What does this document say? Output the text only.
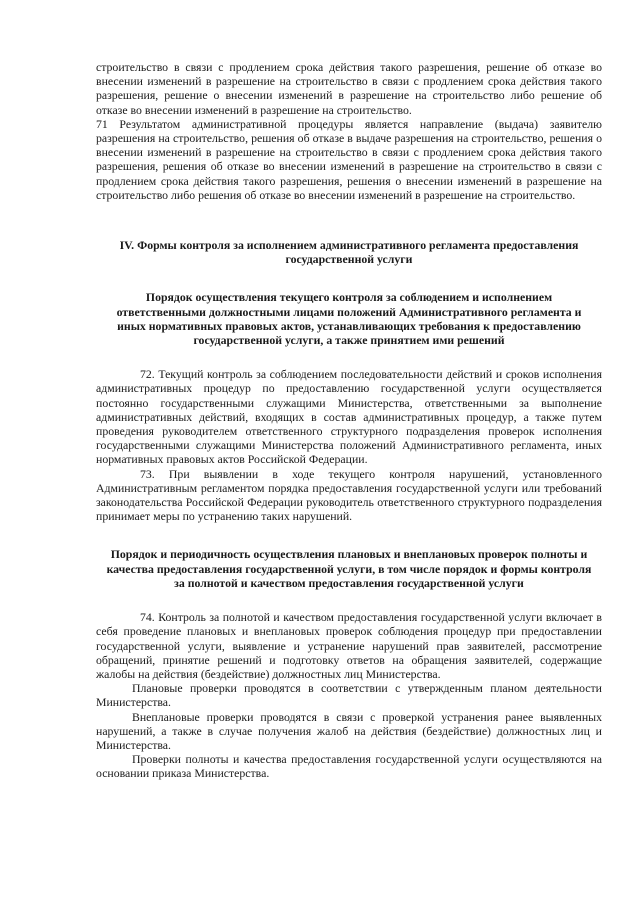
строительство в связи с продлением срока действия такого разрешения, решение об отказе во внесении изменений в разрешение на строительство в связи с продлением срока действия такого разрешения, решение о внесении изменений в разрешение на строительство либо решение об отказе во внесении изменений в разрешение на строительство.

71 Результатом административной процедуры является направление (выдача) заявителю разрешения на строительство, решения об отказе в выдаче разрешения на строительство, решения о внесении изменений в разрешение на строительство в связи с продлением срока действия такого разрешения, решения об отказе во внесении изменений в разрешение на строительство в связи с продлением срока действия такого разрешения, решения о внесении изменений в разрешение на строительство либо решения об отказе во внесении изменений в разрешение на строительство.

IV. Формы контроля за исполнением административного регламента предоставления государственной услуги
Порядок осуществления текущего контроля за соблюдением и исполнением ответственными должностными лицами положений Административного регламента и иных нормативных правовых актов, устанавливающих требования к предоставлению государственной услуги, а также принятием ими решений

72. Текущий контроль за соблюдением последовательности действий и сроков исполнения административных процедур по предоставлению государственной услуги осуществляется постоянно государственными служащими Министерства, ответственными за выполнение административных действий, входящих в состав административных процедур, а также путем проведения руководителем ответственного структурного подразделения проверок исполнения государственными служащими Министерства положений Административного регламента, иных нормативных правовых актов Российской Федерации.

73. При выявлении в ходе текущего контроля нарушений, установленного Административным регламентом порядка предоставления государственной услуги или требований законодательства Российской Федерации руководитель ответственного структурного подразделения принимает меры по устранению таких нарушений.

Порядок и периодичность осуществления плановых и внеплановых проверок полноты и качества предоставления государственной услуги, в том числе порядок и формы контроля за полнотой и качеством предоставления государственной услуги

74. Контроль за полнотой и качеством предоставления государственной услуги включает в себя проведение плановых и внеплановых проверок соблюдения процедур при предоставлении государственной услуги, выявление и устранение нарушений прав заявителей, рассмотрение обращений, принятие решений и подготовку ответов на обращения заявителей, содержащие жалобы на действия (бездействие) должностных лиц Министерства.

Плановые проверки проводятся в соответствии с утвержденным планом деятельности Министерства.

Внеплановые проверки проводятся в связи с проверкой устранения ранее выявленных нарушений, а также в случае получения жалоб на действия (бездействие) должностных лиц и Министерства.

Проверки полноты и качества предоставления государственной услуги осуществляются на основании приказа Министерства.
